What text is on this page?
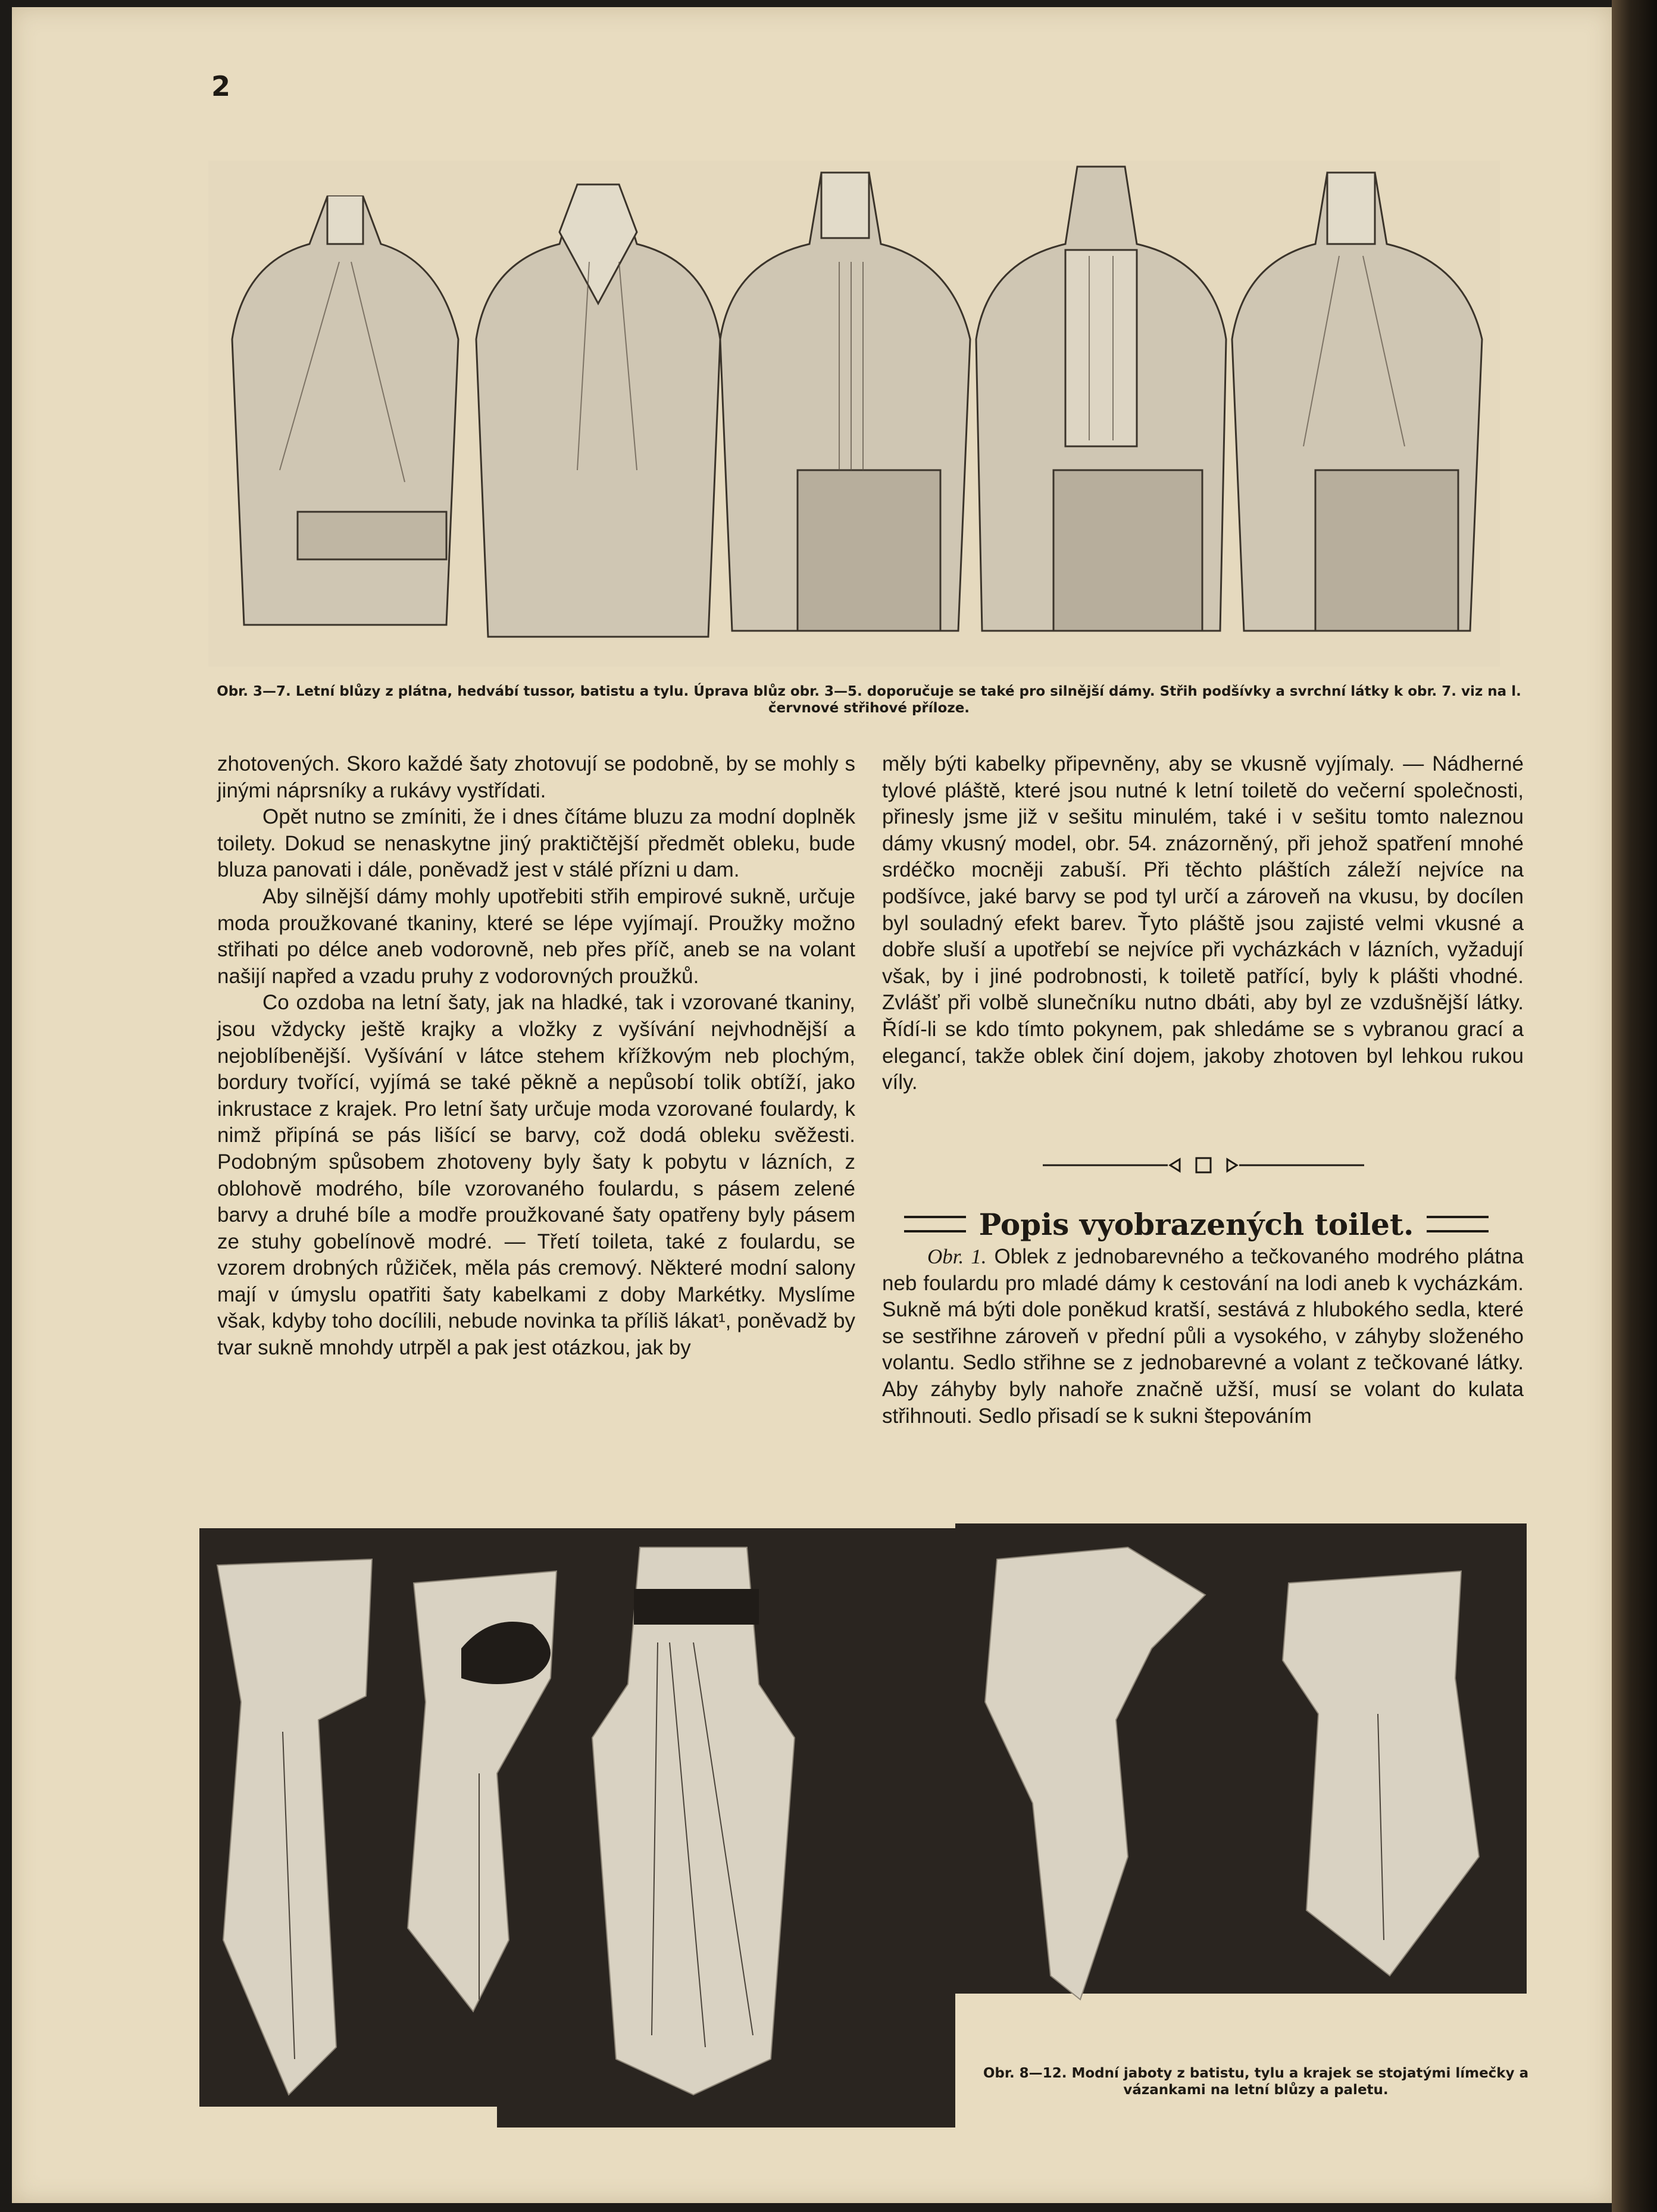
2
Obr. 3—7. Letní blůzy z plátna, hedvábí tussor, batistu a tylu. Úprava blůz obr. 3—5. doporučuje se také pro silnější dámy. Střih podšívky a svrchní látky k obr. 7. viz na l. červnové střihové příloze.

zhotovených. Skoro každé šaty zhotovují se podobně, by se mohly s jinými náprsníky a rukávy vystřídati.

Opět nutno se zmíniti, že i dnes čítáme bluzu za modní doplněk toilety. Dokud se nenaskytne jiný praktičtější předmět obleku, bude bluza panovati i dále, poněvadž jest v stálé přízni u dam.

Aby silnější dámy mohly upotřebiti střih empirové sukně, určuje moda proužkované tkaniny, které se lépe vyjímají. Proužky možno střihati po délce aneb vodorovně, neb přes příč, aneb se na volant našijí napřed a vzadu pruhy z vodorovných proužků.

Co ozdoba na letní šaty, jak na hladké, tak i vzorované tkaniny, jsou vždycky ještě krajky a vložky z vyšívání nejvhodnější a nejoblíbenější. Vyšívání v látce stehem křížkovým neb plochým, bordury tvořící, vyjímá se také pěkně a nepůsobí tolik obtíží, jako inkrustace z krajek. Pro letní šaty určuje moda vzorované foulardy, k nimž připíná se pás lišící se barvy, což dodá obleku svěžesti. Podobným spůsobem zhotoveny byly šaty k pobytu v lázních, z oblohově modrého, bíle vzorovaného foulardu, s pásem zelené barvy a druhé bíle a modře proužkované šaty opatřeny byly pásem ze stuhy gobelínově modré. — Třetí toileta, také z foulardu, se vzorem drobných růžiček, měla pás cremový. Některé modní salony mají v úmyslu opatřiti šaty kabelkami z doby Markétky. Myslíme však, kdyby toho docílili, nebude novinka ta příliš lákat¹, poněvadž by tvar sukně mnohdy utrpěl a pak jest otázkou, jak by

měly býti kabelky připevněny, aby se vkusně vyjímaly. — Nádherné tylové pláště, které jsou nutné k letní toiletě do večerní společnosti, přinesly jsme již v sešitu minulém, také i v sešitu tomto naleznou dámy vkusný model, obr. 54. znázorněný, při jehož spatření mnohé srdéčko mocněji zabuší. Při těchto pláštích záleží nejvíce na podšívce, jaké barvy se pod tyl určí a zároveň na vkusu, by docílen byl souladný efekt barev. Ťyto pláště jsou zajisté velmi vkusné a dobře sluší a upotřebí se nejvíce při vycházkách v lázních, vyžadují však, by i jiné podrobnosti, k toiletě patřící, byly k plášti vhodné. Zvlášť při volbě slunečníku nutno dbáti, aby byl ze vzdušnější látky. Řídí-li se kdo tímto pokynem, pak shledáme se s vybranou grací a elegancí, takže oblek činí dojem, jakoby zhotoven byl lehkou rukou víly.

Popis vyobrazených toilet.

Obr. 1. Oblek z jednobarevného a tečkovaného modrého plátna neb foulardu pro mladé dámy k cestování na lodi aneb k vycházkám. Sukně má býti dole poněkud kratší, sestává z hlubokého sedla, které se sestřihne zároveň v přední půli a vysokého, v záhyby složeného volantu. Sedlo střihne se z jednobarevné a volant z tečkované látky. Aby záhyby byly nahoře značně užší, musí se volant do kulata střihnouti. Sedlo přisadí se k sukni štepováním

Obr. 8—12. Modní jaboty z batistu, tylu a krajek se stojatými límečky a vázankami na letní blůzy a paletu.
